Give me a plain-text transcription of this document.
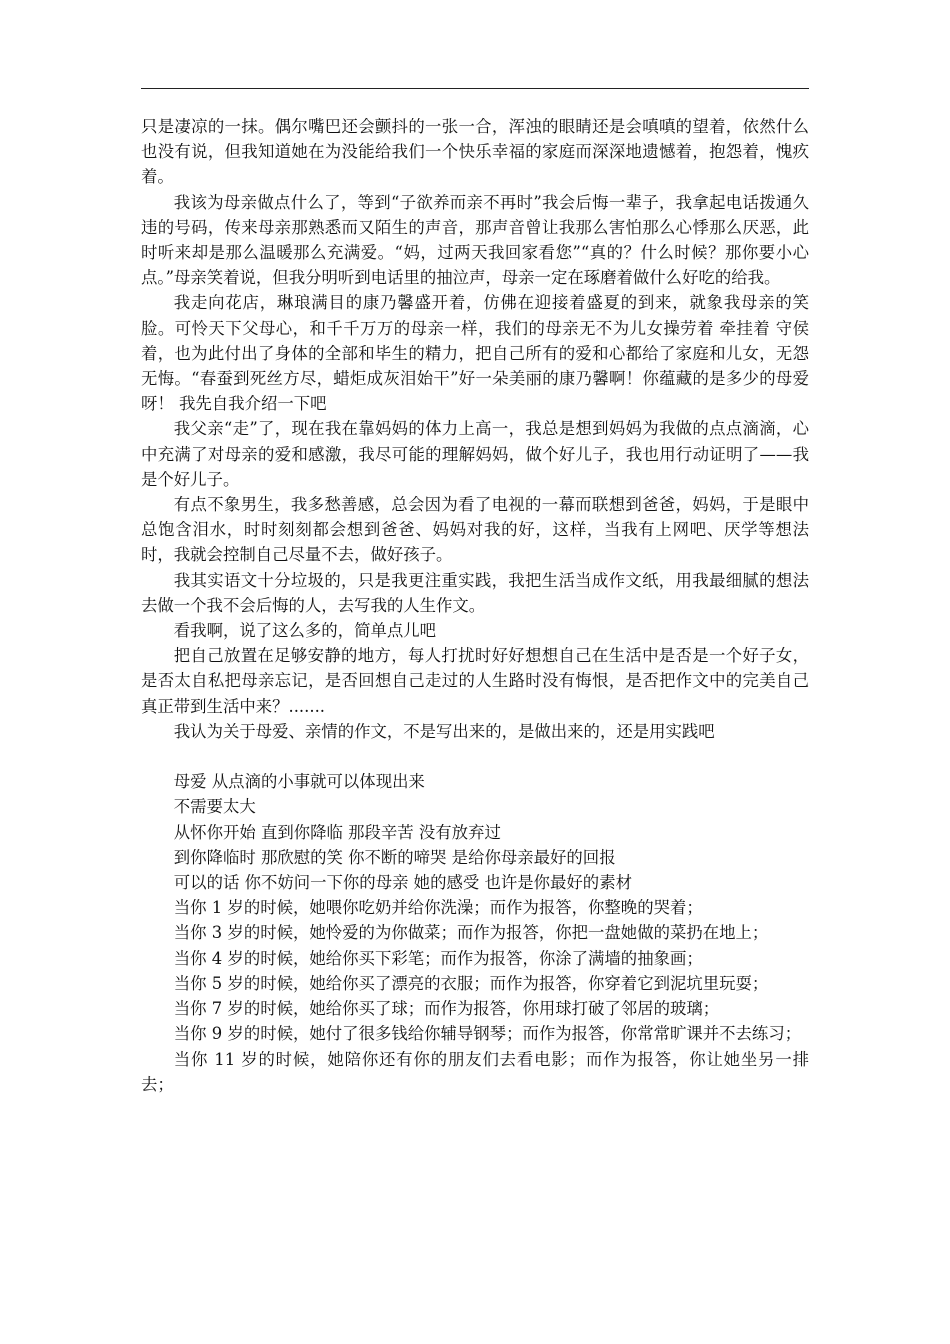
只是凄凉的一抹。偶尔嘴巴还会颤抖的一张一合，浑浊的眼睛还是会嗔嗔的望着，依然什么也没有说，但我知道她在为没能给我们一个快乐幸福的家庭而深深地遗憾着，抱怨着，愧疚着。

我该为母亲做点什么了，等到“子欲养而亲不再时”我会后悔一辈子，我拿起电话拨通久违的号码，传来母亲那熟悉而又陌生的声音，那声音曾让我那么害怕那么心悸那么厌恶，此时听来却是那么温暖那么充满爱。“妈，过两天我回家看您”“真的？什么时候？那你要小心点。”母亲笑着说，但我分明听到电话里的抽泣声，母亲一定在琢磨着做什么好吃的给我。

我走向花店，琳琅满目的康乃馨盛开着，仿佛在迎接着盛夏的到来，就象我母亲的笑脸。可怜天下父母心，和千千万万的母亲一样，我们的母亲无不为儿女操劳着 牵挂着 守侯着，也为此付出了身体的全部和毕生的精力，把自己所有的爱和心都给了家庭和儿女，无怨无悔。“春蚕到死丝方尽，蜡炬成灰泪始干”好一朵美丽的康乃馨啊！你蕴藏的是多少的母爱呀！ 我先自我介绍一下吧

我父亲“走”了，现在我在靠妈妈的体力上高一，我总是想到妈妈为我做的点点滴滴，心中充满了对母亲的爱和感激，我尽可能的理解妈妈，做个好儿子，我也用行动证明了——我是个好儿子。

有点不象男生，我多愁善感，总会因为看了电视的一幕而联想到爸爸，妈妈，于是眼中总饱含泪水，时时刻刻都会想到爸爸、妈妈对我的好，这样，当我有上网吧、厌学等想法时，我就会控制自己尽量不去，做好孩子。

我其实语文十分垃圾的，只是我更注重实践，我把生活当成作文纸，用我最细腻的想法去做一个我不会后悔的人，去写我的人生作文。

看我啊，说了这么多的，简单点儿吧

把自己放置在足够安静的地方，每人打扰时好好想想自己在生活中是否是一个好子女，是否太自私把母亲忘记，是否回想自己走过的人生路时没有悔恨，是否把作文中的完美自己真正带到生活中来？.......

我认为关于母爱、亲情的作文，不是写出来的，是做出来的，还是用实践吧

母爱 从点滴的小事就可以体现出来

不需要太大

从怀你开始 直到你降临 那段辛苦 没有放弃过

到你降临时 那欣慰的笑 你不断的啼哭 是给你母亲最好的回报

可以的话 你不妨问一下你的母亲 她的感受 也许是你最好的素材

当你 1 岁的时候，她喂你吃奶并给你洗澡；而作为报答，你整晚的哭着；

当你 3 岁的时候，她怜爱的为你做菜；而作为报答，你把一盘她做的菜扔在地上；

当你 4 岁的时候，她给你买下彩笔；而作为报答，你涂了满墙的抽象画；

当你 5 岁的时候，她给你买了漂亮的衣服；而作为报答，你穿着它到泥坑里玩耍；

当你 7 岁的时候，她给你买了球；而作为报答，你用球打破了邻居的玻璃；

当你 9 岁的时候，她付了很多钱给你辅导钢琴；而作为报答，你常常旷课并不去练习；

当你 11 岁的时候，她陪你还有你的朋友们去看电影；而作为报答，你让她坐另一排去；
